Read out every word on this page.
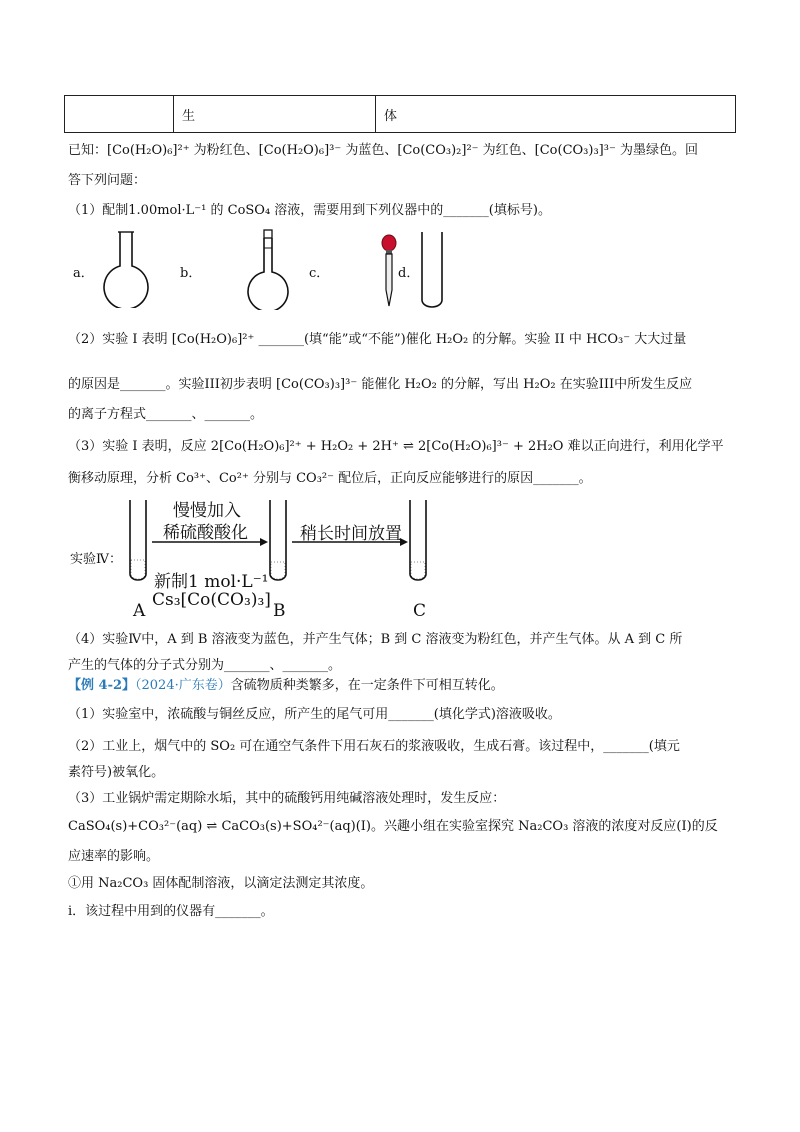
	生	体
已知：[Co(H₂O)₆]²⁺ 为粉红色、[Co(H₂O)₆]³⁻ 为蓝色、[Co(CO₃)₂]²⁻ 为红色、[Co(CO₃)₃]³⁻ 为墨绿色。回
答下列问题：
（1）配制1.00mol·L⁻¹ 的 CoSO₄ 溶液，需要用到下列仪器中的_______(填标号)。
a．	b．	c．	d．
（2）实验 I 表明 [Co(H₂O)₆]²⁺ _______(填“能”或“不能”)催化 H₂O₂ 的分解。实验 II 中 HCO₃⁻ 大大过量
的原因是_______。实验III初步表明 [Co(CO₃)₃]³⁻ 能催化 H₂O₂ 的分解，写出 H₂O₂ 在实验III中所发生反应
的离子方程式_______、_______。
（3）实验 I 表明，反应 2[Co(H₂O)₆]²⁺ + H₂O₂ + 2H⁺ ⇌ 2[Co(H₂O)₆]³⁻ + 2H₂O 难以正向进行，利用化学平
衡移动原理，分析 Co³⁺、Co²⁺ 分别与 CO₃²⁻ 配位后，正向反应能够进行的原因_______。
实验Ⅳ：
慢慢加入
稀硫酸酸化	稍长时间放置
新制1 mol·L⁻¹
Cs₃[Co(CO₃)₃]
A	B	C
（4）实验Ⅳ中，A 到 B 溶液变为蓝色，并产生气体；B 到 C 溶液变为粉红色，并产生气体。从 A 到 C 所
产生的气体的分子式分别为_______、_______。
【例 4-2】（2024·广东卷）含硫物质种类繁多，在一定条件下可相互转化。
（1）实验室中，浓硫酸与铜丝反应，所产生的尾气可用_______(填化学式)溶液吸收。
（2）工业上，烟气中的 SO₂ 可在通空气条件下用石灰石的浆液吸收，生成石膏。该过程中，_______(填元
素符号)被氧化。
（3）工业锅炉需定期除水垢，其中的硫酸钙用纯碱溶液处理时，发生反应：
CaSO₄(s)+CO₃²⁻(aq) ⇌ CaCO₃(s)+SO₄²⁻(aq)(Ⅰ)。兴趣小组在实验室探究 Na₂CO₃ 溶液的浓度对反应(Ⅰ)的反
应速率的影响。
①用 Na₂CO₃ 固体配制溶液，以滴定法测定其浓度。
i．该过程中用到的仪器有_______。
